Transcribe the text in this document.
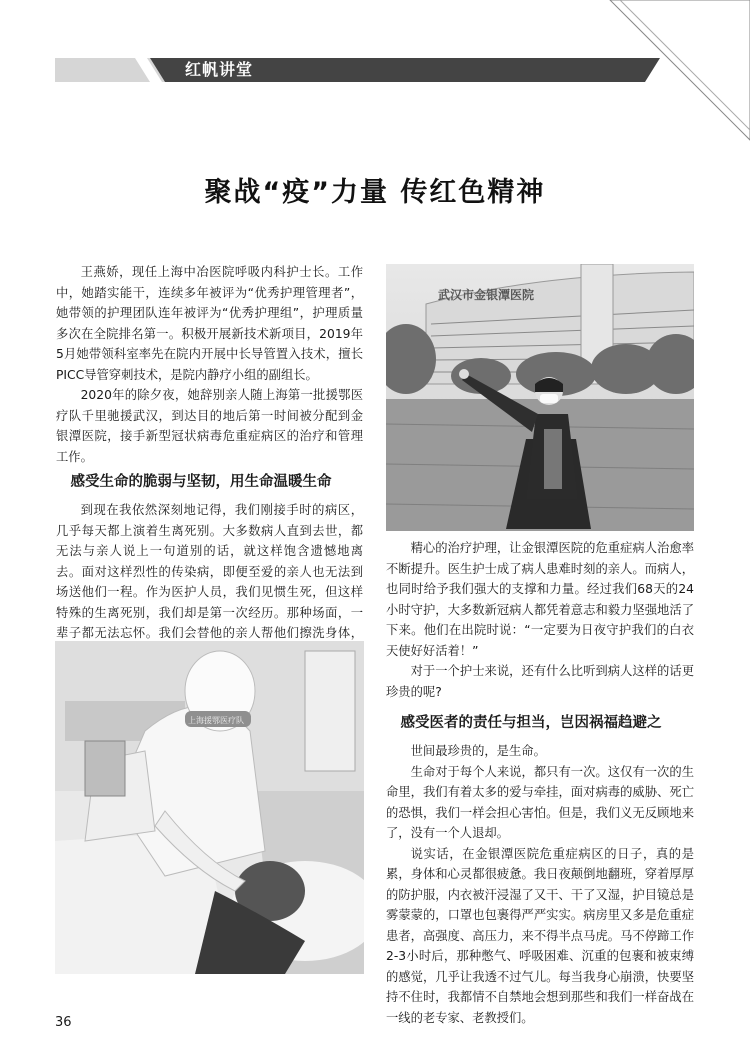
红帆讲堂
聚战“疫”力量 传红色精神

王燕娇，现任上海中冶医院呼吸内科护士长。工作中，她踏实能干，连续多年被评为“优秀护理管理者”，她带领的护理团队连年被评为“优秀护理组”，护理质量多次在全院排名第一。积极开展新技术新项目，2019年5月她带领科室率先在院内开展中长导管置入技术，擅长PICC导管穿刺技术，是院内静疗小组的副组长。

2020年的除夕夜，她辞别亲人随上海第一批援鄂医疗队千里驰援武汉，到达目的地后第一时间被分配到金银潭医院，接手新型冠状病毒危重症病区的治疗和管理工作。

感受生命的脆弱与坚韧，用生命温暖生命

到现在我依然深刻地记得，我们刚接手时的病区，几乎每天都上演着生离死别。大多数病人直到去世，都无法与亲人说上一句道别的话，就这样饱含遗憾地离去。面对这样烈性的传染病，即便至爱的亲人也无法到场送他们一程。作为医护人员，我们见惯生死，但这样特殊的生离死别，我们却是第一次经历。那种场面，一辈子都无法忘怀。我们会替他的亲人帮他们擦洗身体，

武汉市金银潭医院

精心的治疗护理，让金银潭医院的危重症病人治愈率不断提升。医生护士成了病人患难时刻的亲人。而病人，也同时给予我们强大的支撑和力量。经过我们68天的24小时守护，大多数新冠病人都凭着意志和毅力坚强地活了下来。他们在出院时说：“一定要为日夜守护我们的白衣天使好好活着！”

对于一个护士来说，还有什么比听到病人这样的话更珍贵的呢?

感受医者的责任与担当，岂因祸福趋避之

世间最珍贵的，是生命。

生命对于每个人来说，都只有一次。这仅有一次的生命里，我们有着太多的爱与牵挂，面对病毒的威胁、死亡的恐惧，我们一样会担心害怕。但是，我们义无反顾地来了，没有一个人退却。

说实话，在金银潭医院危重症病区的日子，真的是累，身体和心灵都很疲惫。我日夜颠倒地翻班，穿着厚厚的防护服，内衣被汗浸湿了又干、干了又湿，护目镜总是雾蒙蒙的，口罩也包裹得严严实实。病房里又多是危重症患者，高强度、高压力，来不得半点马虎。马不停蹄工作2-3小时后，那种憋气、呼吸困难、沉重的包裹和被束缚的感觉，几乎让我透不过气儿。每当我身心崩溃，快要坚持不住时，我都情不自禁地会想到那些和我们一样奋战在一线的老专家、老教授们。

上海援鄂医疗队
36
